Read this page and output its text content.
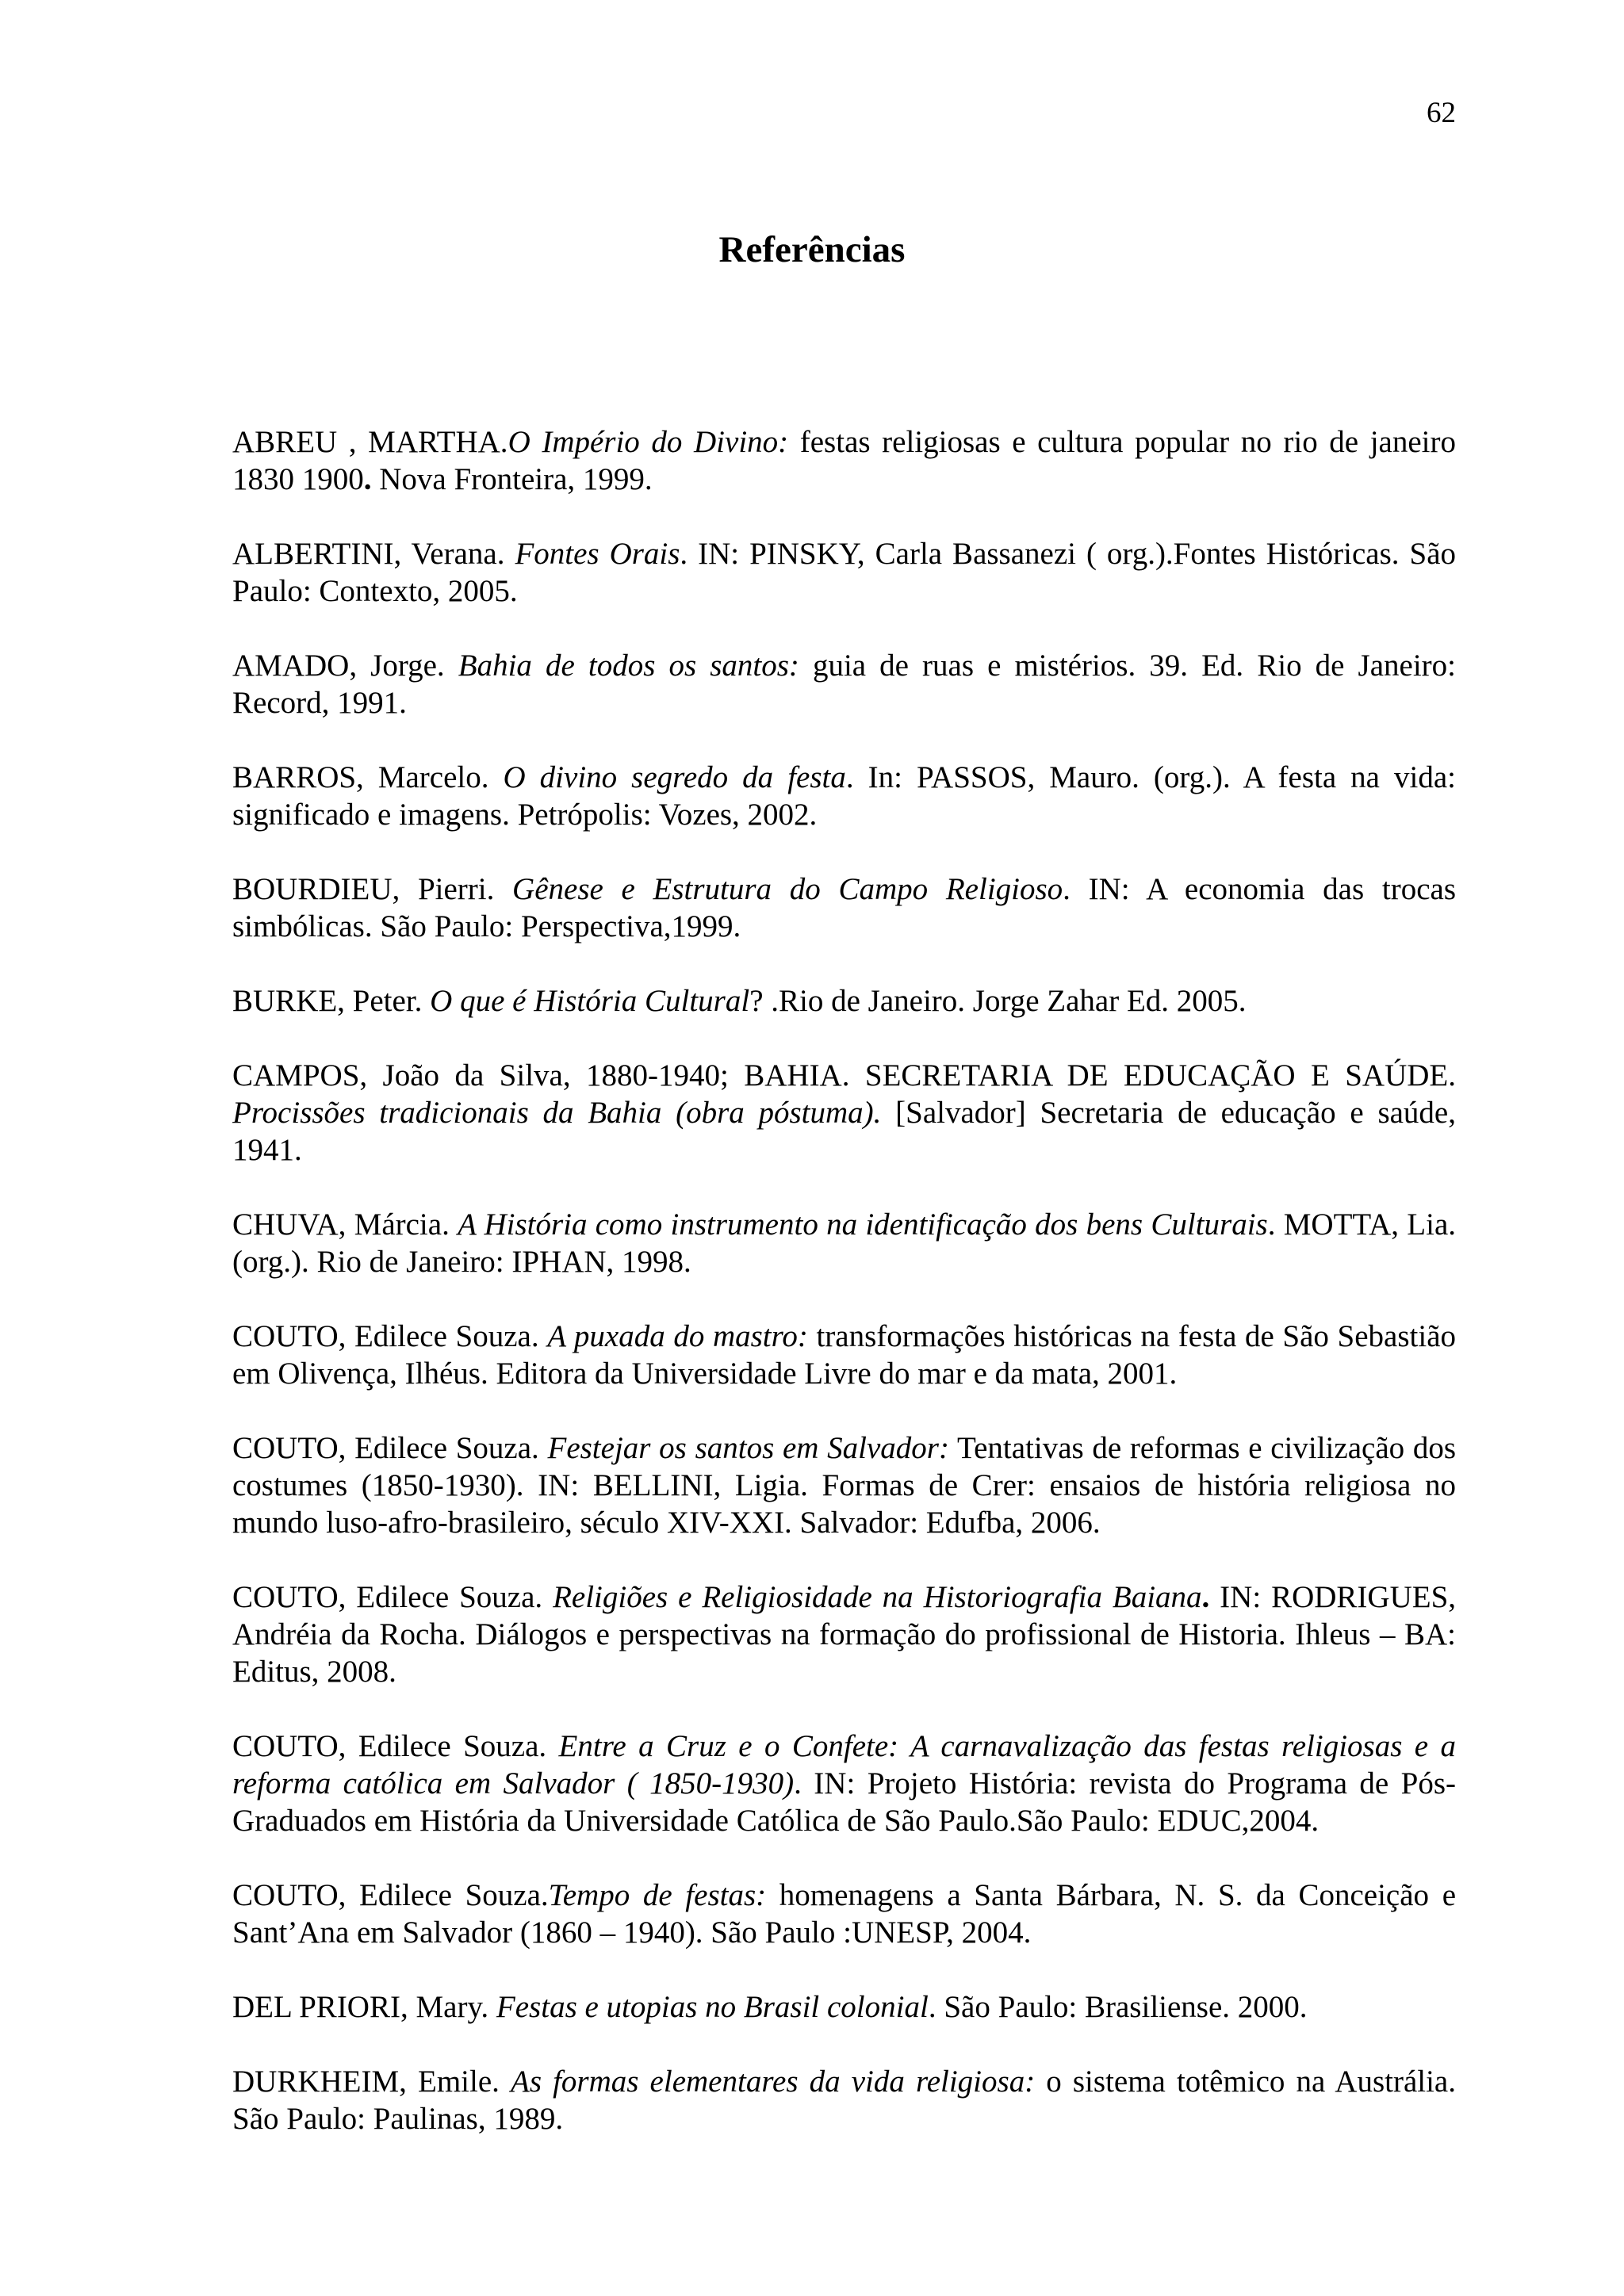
62
Referências

ABREU , MARTHA.O Império do Divino: festas religiosas e cultura popular no rio de janeiro 1830 1900. Nova Fronteira, 1999.

ALBERTINI, Verana. Fontes Orais. IN: PINSKY, Carla Bassanezi ( org.).Fontes Históricas. São Paulo: Contexto, 2005.

AMADO, Jorge. Bahia de todos os santos: guia de ruas e mistérios. 39. Ed. Rio de Janeiro: Record, 1991.

BARROS, Marcelo. O divino segredo da festa. In: PASSOS, Mauro. (org.). A festa na vida: significado e imagens. Petrópolis: Vozes, 2002.

BOURDIEU, Pierri. Gênese e Estrutura do Campo Religioso. IN: A economia das trocas simbólicas. São Paulo: Perspectiva,1999.

BURKE, Peter. O que é História Cultural? .Rio de Janeiro. Jorge Zahar Ed. 2005.

CAMPOS, João da Silva, 1880-1940; BAHIA. SECRETARIA DE EDUCAÇÃO E SAÚDE. Procissões tradicionais da Bahia (obra póstuma). [Salvador] Secretaria de educação e saúde, 1941.

CHUVA, Márcia. A História como instrumento na identificação dos bens Culturais. MOTTA, Lia. (org.). Rio de Janeiro: IPHAN, 1998.

COUTO, Edilece Souza. A puxada do mastro: transformações históricas na festa de São Sebastião em Olivença, Ilhéus. Editora da Universidade Livre do mar e da mata, 2001.

COUTO, Edilece Souza. Festejar os santos em Salvador: Tentativas de reformas e civilização dos costumes (1850-1930). IN: BELLINI, Ligia. Formas de Crer: ensaios de história religiosa no mundo luso-afro-brasileiro, século XIV-XXI. Salvador: Edufba, 2006.

COUTO, Edilece Souza. Religiões e Religiosidade na Historiografia Baiana. IN: RODRIGUES, Andréia da Rocha. Diálogos e perspectivas na formação do profissional de Historia. Ihleus – BA: Editus, 2008.

COUTO, Edilece Souza. Entre a Cruz e o Confete: A carnavalização das festas religiosas e a reforma católica em Salvador ( 1850-1930). IN: Projeto História: revista do Programa de Pós-Graduados em História da Universidade Católica de São Paulo.São Paulo: EDUC,2004.

COUTO, Edilece Souza.Tempo de festas: homenagens a Santa Bárbara, N. S. da Conceição e Sant’Ana em Salvador (1860 – 1940). São Paulo :UNESP, 2004.

DEL PRIORI, Mary. Festas e utopias no Brasil colonial. São Paulo: Brasiliense. 2000.

DURKHEIM, Emile. As formas elementares da vida religiosa: o sistema totêmico na Austrália. São Paulo: Paulinas, 1989.
